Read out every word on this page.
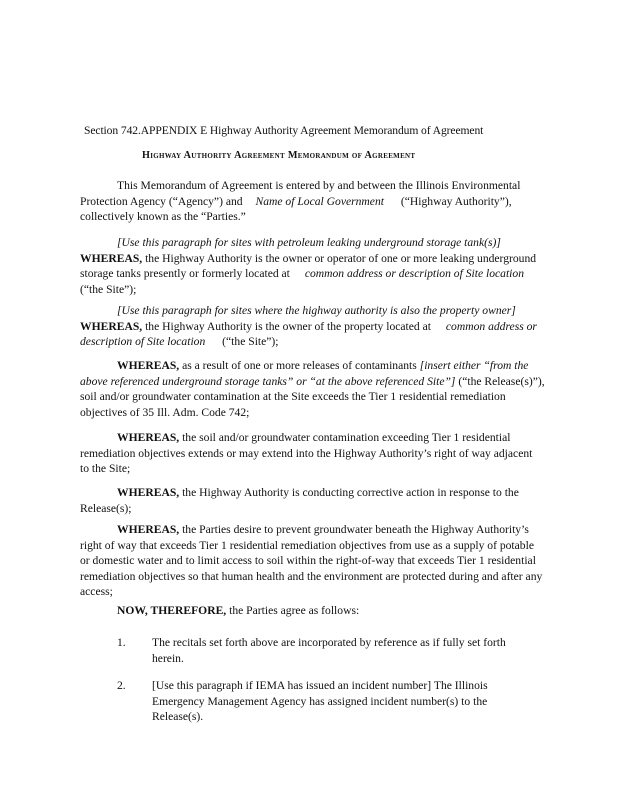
Section 742.APPENDIX E Highway Authority Agreement Memorandum of Agreement
Highway Authority Agreement Memorandum of Agreement
This Memorandum of Agreement is entered by and between the Illinois Environmental Protection Agency (“Agency”) and Name of Local Government (“Highway Authority”), collectively known as the “Parties.”
[Use this paragraph for sites with petroleum leaking underground storage tank(s)]
WHEREAS, the Highway Authority is the owner or operator of one or more leaking underground storage tanks presently or formerly located at common address or description of Site location (“the Site”);
[Use this paragraph for sites where the highway authority is also the property owner]
WHEREAS, the Highway Authority is the owner of the property located at common address or description of Site location (“the Site”);
WHEREAS, as a result of one or more releases of contaminants [insert either “from the above referenced underground storage tanks” or “at the above referenced Site”] (“the Release(s)”), soil and/or groundwater contamination at the Site exceeds the Tier 1 residential remediation objectives of 35 Ill. Adm. Code 742;
WHEREAS, the soil and/or groundwater contamination exceeding Tier 1 residential remediation objectives extends or may extend into the Highway Authority’s right of way adjacent to the Site;
WHEREAS, the Highway Authority is conducting corrective action in response to the Release(s);
WHEREAS, the Parties desire to prevent groundwater beneath the Highway Authority’s right of way that exceeds Tier 1 residential remediation objectives from use as a supply of potable or domestic water and to limit access to soil within the right-of-way that exceeds Tier 1 residential remediation objectives so that human health and the environment are protected during and after any access;
NOW, THEREFORE, the Parties agree as follows:
1. The recitals set forth above are incorporated by reference as if fully set forth herein.
2. [Use this paragraph if IEMA has issued an incident number] The Illinois Emergency Management Agency has assigned incident number(s) to the Release(s).
